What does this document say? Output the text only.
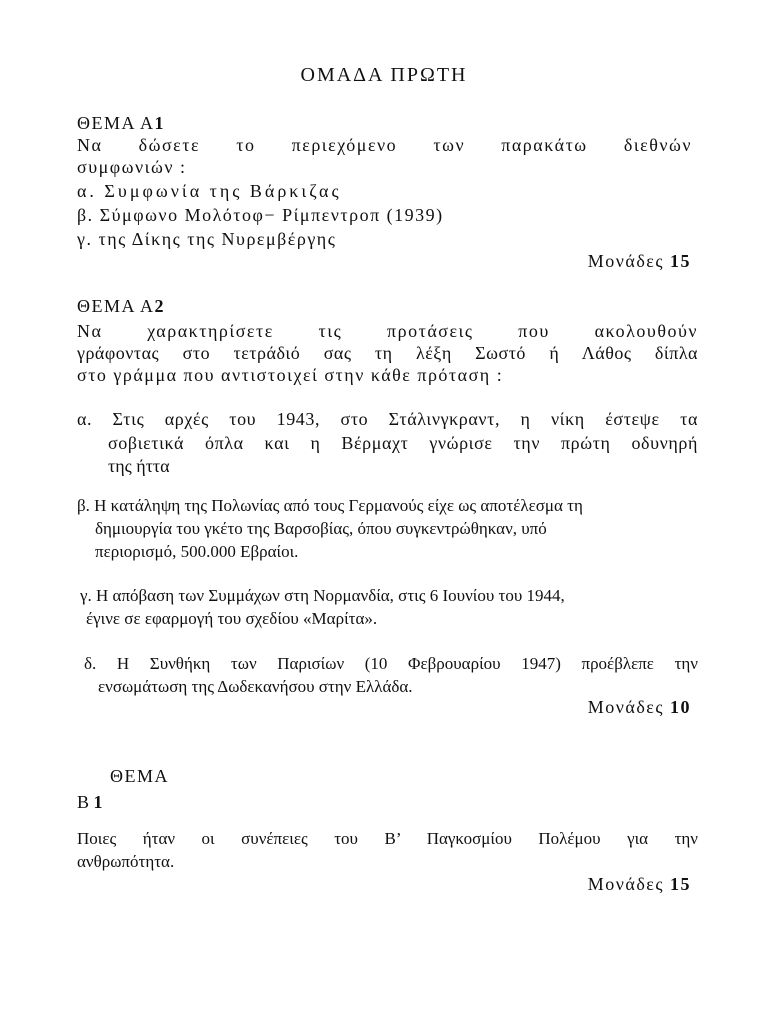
ΟΜΑΔΑ ΠΡΩΤΗ
ΘΕΜΑ Α1
Να δώσετε το περιεχόμενο των παρακάτω διεθνών
συμφωνιών :
α. Συμφωνία της Βάρκιζας
β. Σύμφωνο Μολότοφ− Ρίμπεντροπ (1939)
γ. της Δίκης της Νυρεμβέργης
Μονάδες 15
ΘΕΜΑ Α2
Να χαρακτηρίσετε τις προτάσεις που ακολουθούν
γράφοντας στο τετράδιό σας τη λέξη Σωστό ή Λάθος δίπλα
στο γράμμα που αντιστοιχεί στην κάθε πρόταση :
α. Στις αρχές του 1943, στο Στάλινγκραντ, η νίκη έστεψε τα
σοβιετικά όπλα και η Βέρμαχτ γνώρισε την πρώτη οδυνηρή
της ήττα
β. Η κατάληψη της Πολωνίας από τους Γερμανούς είχε ως αποτέλεσμα τη
δημιουργία του γκέτο της Βαρσοβίας, όπου συγκεντρώθηκαν, υπό
περιορισμό, 500.000 Εβραίοι.
γ. Η απόβαση των Συμμάχων στη Νορμανδία, στις 6 Ιουνίου του 1944,
έγινε σε εφαρμογή του σχεδίου «Μαρίτα».
δ. Η Συνθήκη των Παρισίων (10 Φεβρουαρίου 1947) προέβλεπε την
ενσωμάτωση της Δωδεκανήσου στην Ελλάδα.
Μονάδες 10
ΘΕΜΑ
Β 1
Ποιες ήταν οι συνέπειες του Β’ Παγκοσμίου Πολέμου για την
ανθρωπότητα.
Μονάδες 15
